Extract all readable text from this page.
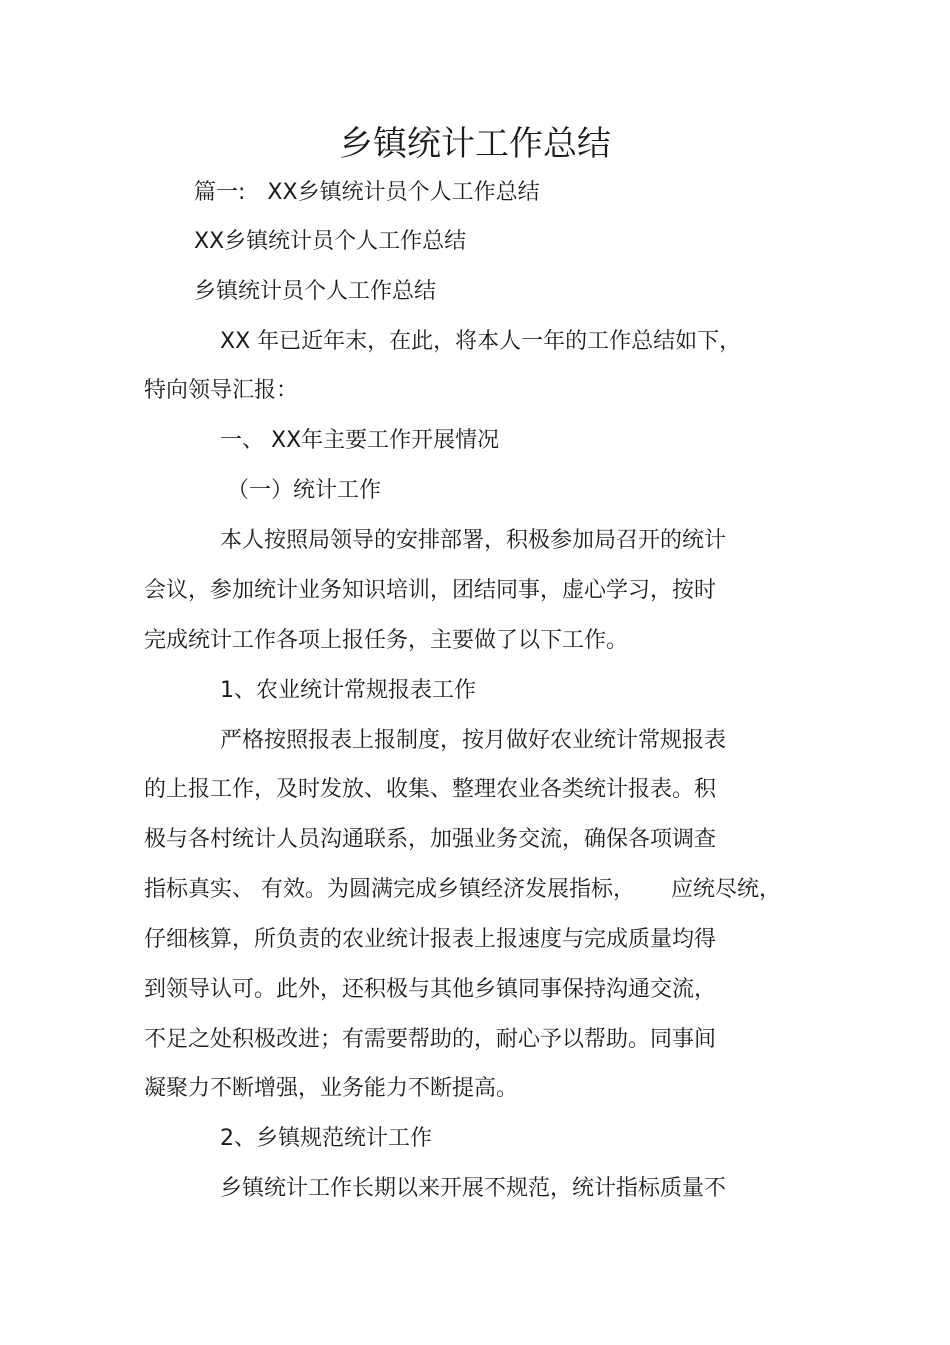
乡镇统计工作总结
篇一: XX乡镇统计员个人工作总结
XX乡镇统计员个人工作总结
乡镇统计员个人工作总结
XX 年已近年末，在此，将本人一年的工作总结如下，
特向领导汇报：
一、 XX年主要工作开展情况
（一）统计工作
本人按照局领导的安排部署，积极参加局召开的统计
会议，参加统计业务知识培训，团结同事，虚心学习，按时
完成统计工作各项上报任务，主要做了以下工作。
1、农业统计常规报表工作
严格按照报表上报制度，按月做好农业统计常规报表
的上报工作，及时发放、收集、整理农业各类统计报表。积
极与各村统计人员沟通联系，加强业务交流，确保各项调查
指标真实、 有效。为圆满完成乡镇经济发展指标， 应统尽统，
仔细核算，所负责的农业统计报表上报速度与完成质量均得
到领导认可。此外，还积极与其他乡镇同事保持沟通交流，
不足之处积极改进；有需要帮助的，耐心予以帮助。同事间
凝聚力不断增强，业务能力不断提高。
2、乡镇规范统计工作
乡镇统计工作长期以来开展不规范，统计指标质量不
